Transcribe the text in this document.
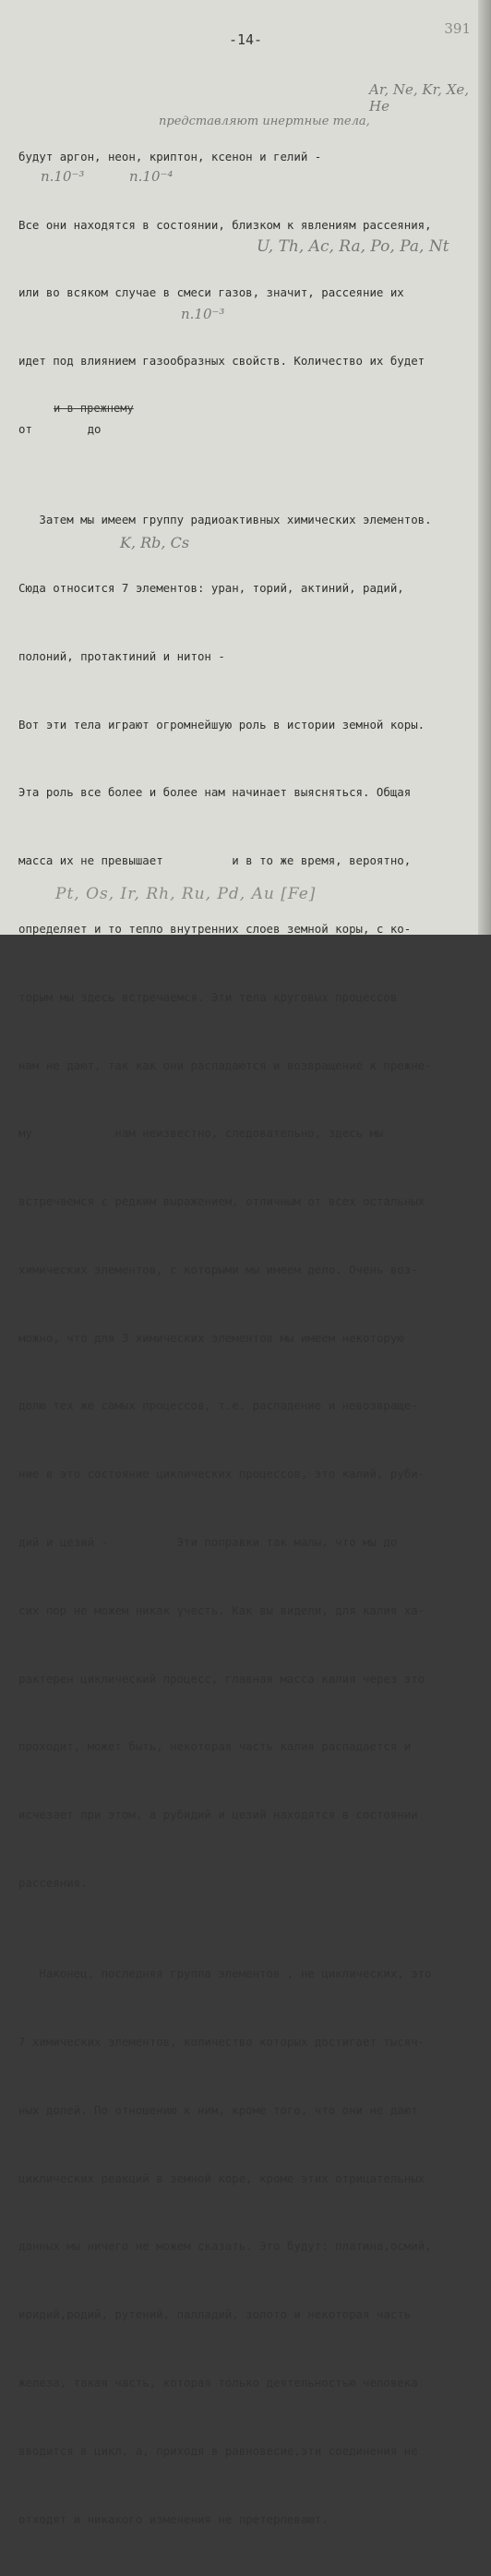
-14-
391

будут аргон, неон, криптон, ксенон и гелий -

Все они находятся в состоянии, близком к явлениям рассеяния,

или во всяком случае в смеси газов, значит, рассеяние их

идет под влиянием газообразных свойств. Количество их будет

от        до

Затем мы имеем группу радиоактивных химических элементов.

Сюда относится 7 элементов: уран, торий, актиний, радий,

полоний, протактиний и нитон -

Вот эти тела играют огромнейшую роль в истории земной коры.

Эта роль все более и более нам начинает выясняться. Общая

масса их не превышает          и в то же время, вероятно,

определяет и то тепло внутренних слоев земной коры, с ко-

торым мы здесь встречаемся. Эти тела круговых процессов

нам не дают, так как они распадаются и возвращение к прежне-

му            нам неизвестно, следовательно, здесь мы

встречаемся с редким выражением, отличным от всех остальных

химических элементов, с которыми мы имеем дело. Очень воз-

можно, что для 3 химических элементов мы имеем некоторую

долю тех же самых процессов, т.е. распадение и невозвраще-

ние в это состояние циклических процессов, это калий, руби-

дий и цезий -          Эти поправки так малы, что мы до

сих пор не можем никак учесть. Как вы видели, для калия ха-

рактерен циклический процесс, главная масса калия через это

проходит, может быть, некоторая часть калия распадается и

исчезает при этом, а рубидий и цезий находятся в состоянии

рассеяния.

Наконец, последняя группа элементов , не циклических, это

7 химических элементов, количество которых достигает тысяч-

ных долей. По отношению к ним, кроме того, что они не дают

циклических реакций в земной коре, кроме этих отрицательных

данных мы ничего не можем сказать. Это будут: платина,осмий,

иридий,родий, рутений, палладий, золото и некоторая часть

железа, такая часть, которая только деятельностью человека

вводится в цикл, а, приходя в равновесие,эти соединения не

отходят и никакого изменения не претерпевают.

Ar, Ne, Kr, Xe, He
представляют инертные тела,
n.10⁻³	n.10⁻⁴
U, Th, Ac, Ra, Po, Pa, Nt
n.10⁻³
и в прежнему
K, Rb, Cs
Pt, Os, Ir, Rh, Ru, Pd, Au [Fe]
